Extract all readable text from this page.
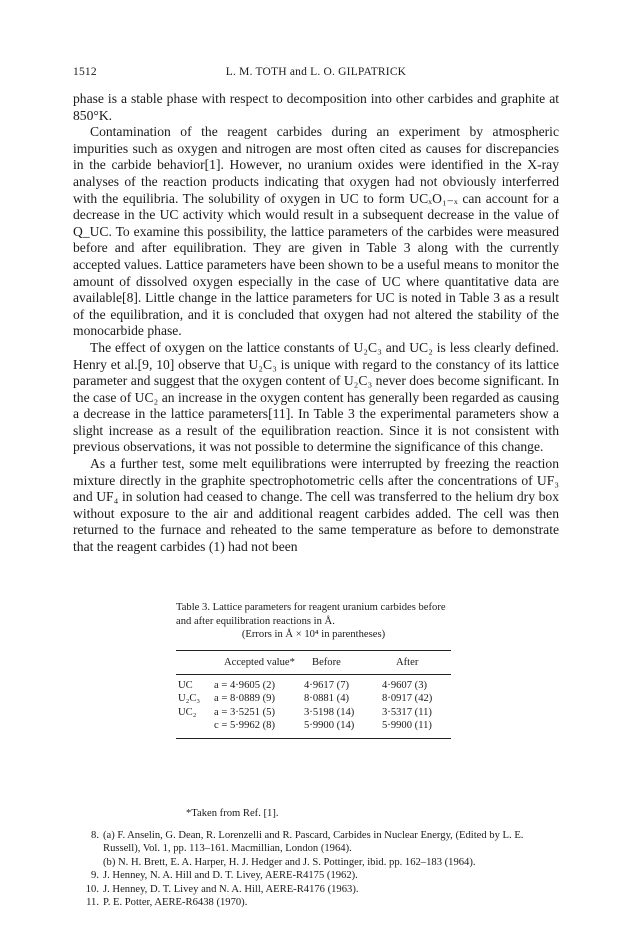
1512	L. M. TOTH and L. O. GILPATRICK

phase is a stable phase with respect to decomposition into other carbides and graphite at 850°K.

Contamination of the reagent carbides during an experiment by atmospheric impurities such as oxygen and nitrogen are most often cited as causes for discrepancies in the carbide behavior[1]. However, no uranium oxides were identified in the X-ray analyses of the reaction products indicating that oxygen had not obviously interferred with the equilibria. The solubility of oxygen in UC to form UCₓO₁₋ₓ can account for a decrease in the UC activity which would result in a subsequent decrease in the value of Q_UC. To examine this possibility, the lattice parameters of the carbides were measured before and after equilibration. They are given in Table 3 along with the currently accepted values. Lattice parameters have been shown to be a useful means to monitor the amount of dissolved oxygen especially in the case of UC where quantitative data are available[8]. Little change in the lattice parameters for UC is noted in Table 3 as a result of the equilibration, and it is concluded that oxygen had not altered the stability of the monocarbide phase.

The effect of oxygen on the lattice constants of U₂C₃ and UC₂ is less clearly defined. Henry et al.[9, 10] observe that U₂C₃ is unique with regard to the constancy of its lattice parameter and suggest that the oxygen content of U₂C₃ never does become significant. In the case of UC₂ an increase in the oxygen content has generally been regarded as causing a decrease in the lattice parameters[11]. In Table 3 the experimental parameters show a slight increase as a result of the equilibration reaction. Since it is not consistent with previous observations, it was not possible to determine the significance of this change.

As a further test, some melt equilibrations were interrupted by freezing the reaction mixture directly in the graphite spectrophotometric cells after the concentrations of UF₃ and UF₄ in solution had ceased to change. The cell was transferred to the helium dry box without exposure to the air and additional reagent carbides added. The cell was then returned to the furnace and reheated to the same temperature as before to demonstrate that the reagent carbides (1) had not been

Table 3. Lattice parameters for reagent uranium carbides before and after equilibration reactions in Å.
(Errors in Å × 10⁴ in parentheses)
	Accepted value*	Before	After
UC	a = 4·9605 (2)	4·9617 (7)	4·9607 (3)
U₂C₃	a = 8·0889 (9)	8·0881 (4)	8·0917 (42)
UC₂	a = 3·5251 (5)	3·5198 (14)	3·5317 (11)
	c = 5·9962 (8)	5·9900 (14)	5·9900 (11)
*Taken from Ref. [1].
8. (a) F. Anselin, G. Dean, R. Lorenzelli and R. Pascard, Carbides in Nuclear Energy, (Edited by L. E. Russell), Vol. 1, pp. 113–161. Macmillian, London (1964).
(b) N. H. Brett, E. A. Harper, H. J. Hedger and J. S. Pottinger, ibid. pp. 162–183 (1964).
9. J. Henney, N. A. Hill and D. T. Livey, AERE-R4175 (1962).
10. J. Henney, D. T. Livey and N. A. Hill, AERE-R4176 (1963).
11. P. E. Potter, AERE-R6438 (1970).
